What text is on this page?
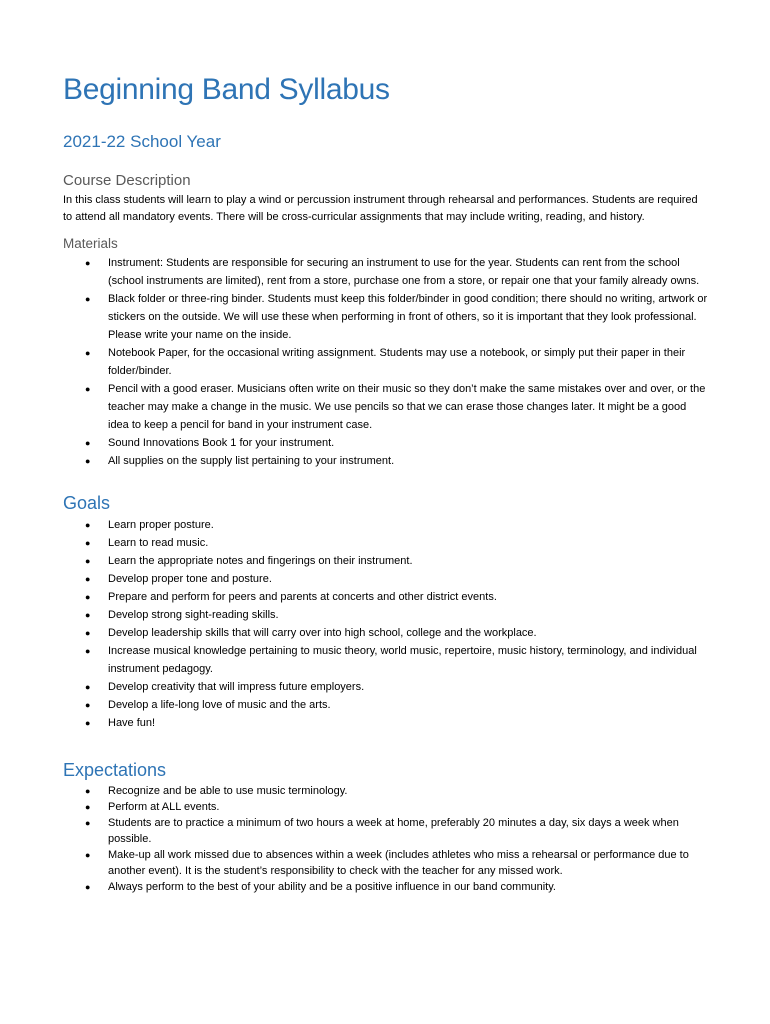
Beginning Band Syllabus
2021-22 School Year
Course Description

In this class students will learn to play a wind or percussion instrument through rehearsal and performances. Students are required to attend all mandatory events. There will be cross-curricular assignments that may include writing, reading, and history.

Materials
● Instrument: Students are responsible for securing an instrument to use for the year. Students can rent from the school (school instruments are limited), rent from a store, purchase one from a store, or repair one that your family already owns.
● Black folder or three-ring binder. Students must keep this folder/binder in good condition; there should no writing, artwork or stickers on the outside. We will use these when performing in front of others, so it is important that they look professional. Please write your name on the inside.
● Notebook Paper, for the occasional writing assignment. Students may use a notebook, or simply put their paper in their folder/binder.
● Pencil with a good eraser. Musicians often write on their music so they don’t make the same mistakes over and over, or the teacher may make a change in the music. We use pencils so that we can erase those changes later. It might be a good idea to keep a pencil for band in your instrument case.
● Sound Innovations Book 1 for your instrument.
● All supplies on the supply list pertaining to your instrument.
Goals
● Learn proper posture.
● Learn to read music.
● Learn the appropriate notes and fingerings on their instrument.
● Develop proper tone and posture.
● Prepare and perform for peers and parents at concerts and other district events.
● Develop strong sight-reading skills.
● Develop leadership skills that will carry over into high school, college and the workplace.
● Increase musical knowledge pertaining to music theory, world music, repertoire, music history, terminology, and individual instrument pedagogy.
● Develop creativity that will impress future employers.
● Develop a life-long love of music and the arts.
● Have fun!
Expectations
● Recognize and be able to use music terminology.
● Perform at ALL events.
● Students are to practice a minimum of two hours a week at home, preferably 20 minutes a day, six days a week when possible.
● Make-up all work missed due to absences within a week (includes athletes who miss a rehearsal or performance due to another event). It is the student’s responsibility to check with the teacher for any missed work.
● Always perform to the best of your ability and be a positive influence in our band community.
